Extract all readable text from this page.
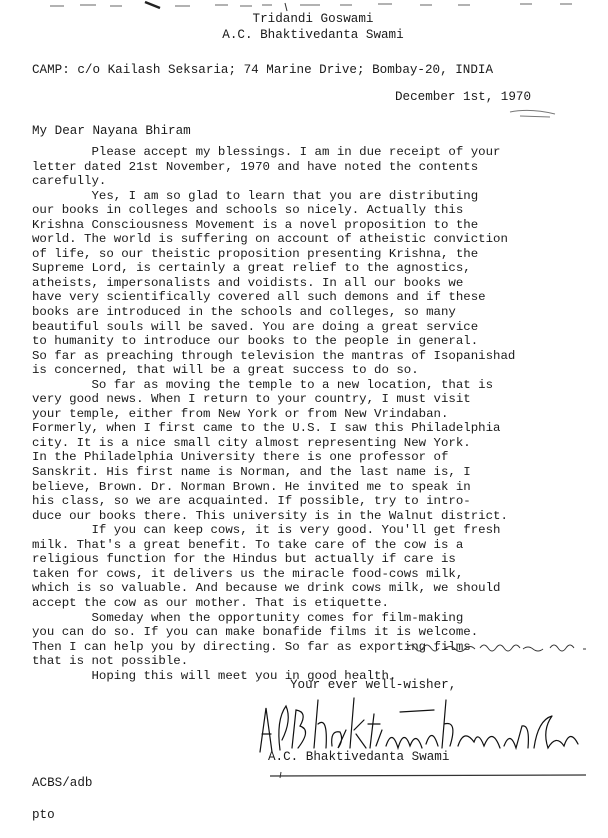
Tridandi Goswami
A.C. Bhaktivedanta Swami
CAMP: c/o Kailash Seksaria; 74 Marine Drive; Bombay-20, INDIA
December 1st, 1970
My Dear Nayana Bhiram
Please accept my blessings. I am in due receipt of your
letter dated 21st November, 1970 and have noted the contents
carefully.
Yes, I am so glad to learn that you are distributing
our books in colleges and schools so nicely. Actually this
Krishna Consciousness Movement is a novel proposition to the
world. The world is suffering on account of atheistic conviction
of life, so our theistic proposition presenting Krishna, the
Supreme Lord, is certainly a great relief to the agnostics,
atheists, impersonalists and voidists. In all our books we
have very scientifically covered all such demons and if these
books are introduced in the schools and colleges, so many
beautiful souls will be saved. You are doing a great service
to humanity to introduce our books to the people in general.
So far as preaching through television the mantras of Isopanishad
is concerned, that will be a great success to do so.
So far as moving the temple to a new location, that is
very good news. When I return to your country, I must visit
your temple, either from New York or from New Vrindaban.
Formerly, when I first came to the U.S. I saw this Philadelphia
city. It is a nice small city almost representing New York.
In the Philadelphia University there is one professor of
Sanskrit. His first name is Norman, and the last name is, I
believe, Brown. Dr. Norman Brown. He invited me to speak in
his class, so we are acquainted. If possible, try to intro-
duce our books there. This university is in the Walnut district.
If you can keep cows, it is very good. You'll get fresh
milk. That's a great benefit. To take care of the cow is a
religious function for the Hindus but actually if care is
taken for cows, it delivers us the miracle food-cows milk,
which is so valuable. And because we drink cows milk, we should
accept the cow as our mother. That is etiquette.
Someday when the opportunity comes for film-making
you can do so. If you can make bonafide films it is welcome.
Then I can help you by directing. So far as exporting films
that is not possible.
Hoping this will meet you in good health.
Your ever well-wisher,
A.C. Bhaktivedanta Swami
ACBS/adb
pto
